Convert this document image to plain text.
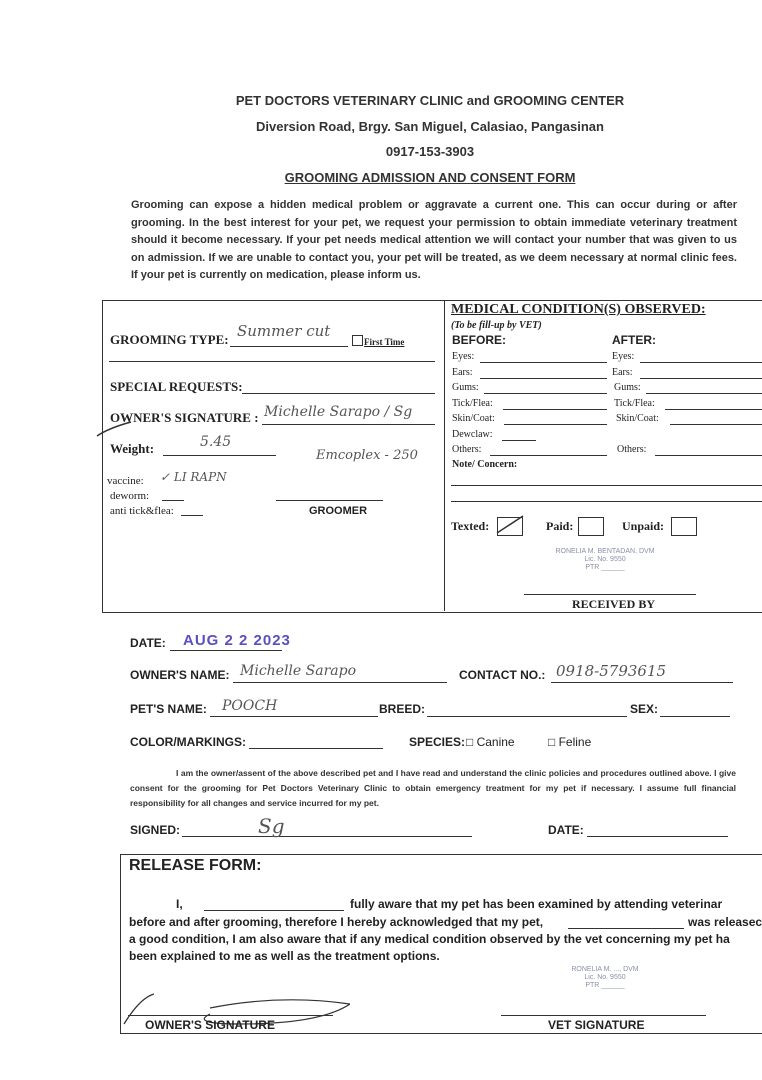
PET DOCTORS VETERINARY CLINIC and GROOMING CENTER
Diversion Road, Brgy. San Miguel, Calasiao, Pangasinan
0917-153-3903
GROOMING ADMISSION AND CONSENT FORM
Grooming can expose a hidden medical problem or aggravate a current one. This can occur during or after grooming. In the best interest for your pet, we request your permission to obtain immediate veterinary treatment should it become necessary. If your pet needs medical attention we will contact your number that was given to us on admission. If we are unable to contact you, your pet will be treated, as we deem necessary at normal clinic fees. If your pet is currently on medication, please inform us.
GROOMING TYPE: Summer cut
First Time
SPECIAL REQUESTS:
OWNER'S SIGNATURE : Michelle Sarapo / Sg
Weight:	5.45
Emcoplex - 250
vaccine: ✓ LI RAPN
deworm:
anti tick&flea:	GROOMER
MEDICAL CONDITION(S) OBSERVED:
(To be fill-up by VET)
BEFORE:	AFTER:
Eyes:	Eyes:
Ears:	Ears:
Gums:	Gums:
Tick/Flea:	Tick/Flea:
Skin/Coat:	Skin/Coat:
Dewclaw:
Others:	Others:
Note/ Concern:
Texted:	Paid:	Unpaid:
RONELIA M. BENTADAN, DVM
Lic. No. 9550
PTR ______
RECEIVED BY
DATE: AUG 2 2 2023
OWNER'S NAME: Michelle Sarapo	CONTACT NO.: 0918-5793615
PET'S NAME: POOCH	BREED:	SEX:
COLOR/MARKINGS:	SPECIES: □ Canine	□ Feline
I am the owner/assent of the above described pet and I have read and understand the clinic policies and procedures outlined above. I give consent for the grooming for Pet Doctors Veterinary Clinic to obtain emergency treatment for my pet if necessary. I assume full financial responsibility for all changes and service incurred for my pet.
SIGNED:	Sg	DATE:
RELEASE FORM:
I,	fully aware that my pet has been examined by attending veterinar
before and after grooming, therefore I hereby acknowledged that my pet,	was releasec
a good condition, I am also aware that if any medical condition observed by the vet concerning my pet ha
been explained to me as well as the treatment options.
RONELIA M. ..., DVM
Lic. No. 9550
PTR ______
OWNER'S SIGNATURE	VET SIGNATURE
